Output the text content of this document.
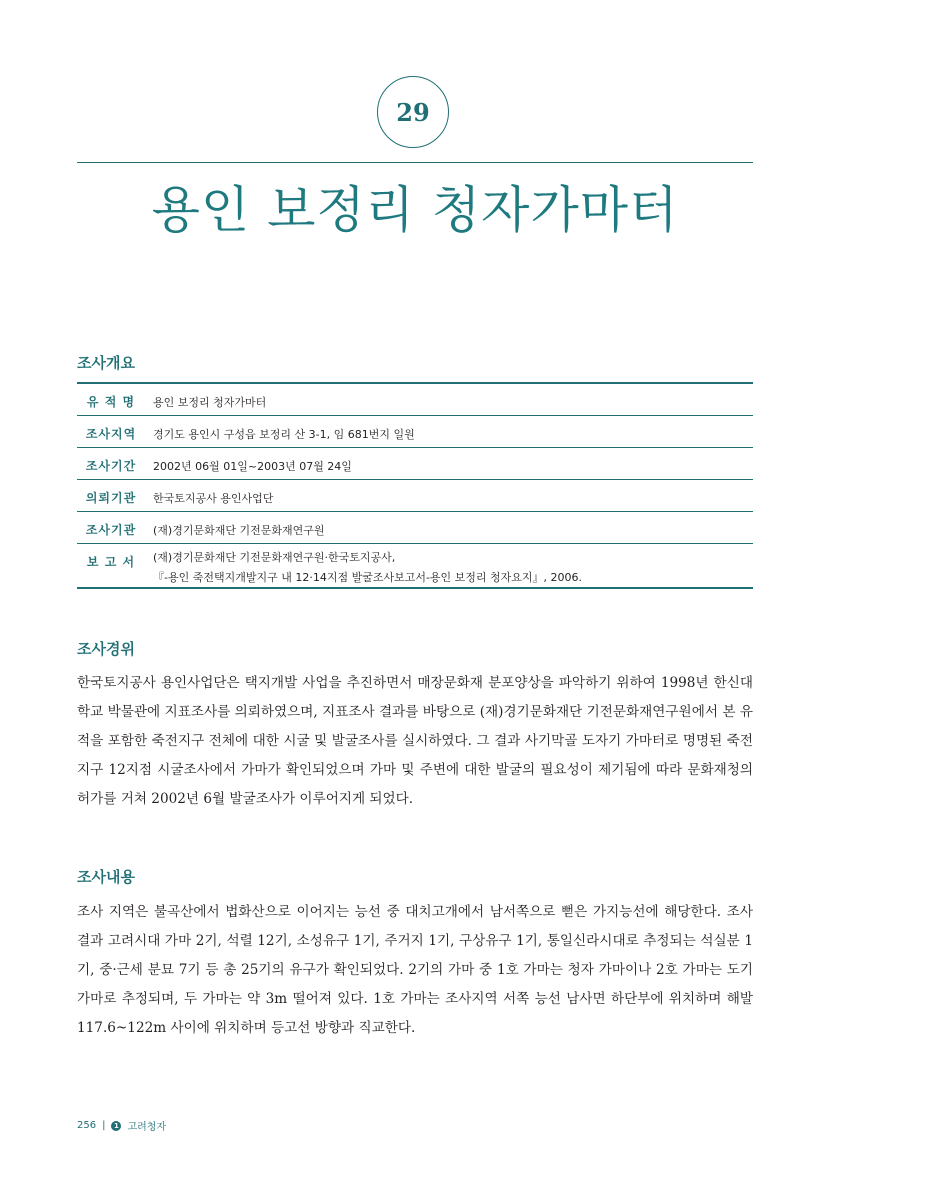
29
용인 보정리 청자가마터
조사개요
유 적 명	용인 보정리 청자가마터
조사지역	경기도 용인시 구성읍 보정리 산 3-1, 임 681번지 일원
조사기간	2002년 06월 01일~2003년 07월 24일
의뢰기관	한국토지공사 용인사업단
조사기관	(재)경기문화재단 기전문화재연구원
보 고 서	(재)경기문화재단 기전문화재연구원·한국토지공사,
『-용인 죽전택지개발지구 내 12·14지점 발굴조사보고서-용인 보정리 청자요지』, 2006.
조사경위

한국토지공사 용인사업단은 택지개발 사업을 추진하면서 매장문화재 분포양상을 파악하기 위하여 1998년 한신대학교 박물관에 지표조사를 의뢰하였으며, 지표조사 결과를 바탕으로 (재)경기문화재단 기전문화재연구원에서 본 유적을 포함한 죽전지구 전체에 대한 시굴 및 발굴조사를 실시하였다. 그 결과 사기막골 도자기 가마터로 명명된 죽전지구 12지점 시굴조사에서 가마가 확인되었으며 가마 및 주변에 대한 발굴의 필요성이 제기됨에 따라 문화재청의 허가를 거쳐 2002년 6월 발굴조사가 이루어지게 되었다.

조사내용

조사 지역은 불곡산에서 법화산으로 이어지는 능선 중 대치고개에서 남서쪽으로 뻗은 가지능선에 해당한다. 조사 결과 고려시대 가마 2기, 석렬 12기, 소성유구 1기, 주거지 1기, 구상유구 1기, 통일신라시대로 추정되는 석실분 1기, 중·근세 분묘 7기 등 총 25기의 유구가 확인되었다. 2기의 가마 중 1호 가마는 청자 가마이나 2호 가마는 도기 가마로 추정되며, 두 가마는 약 3m 떨어져 있다. 1호 가마는 조사지역 서쪽 능선 남사면 하단부에 위치하며 해발 117.6~122m 사이에 위치하며 등고선 방향과 직교한다.

256 |	1 고려청자
